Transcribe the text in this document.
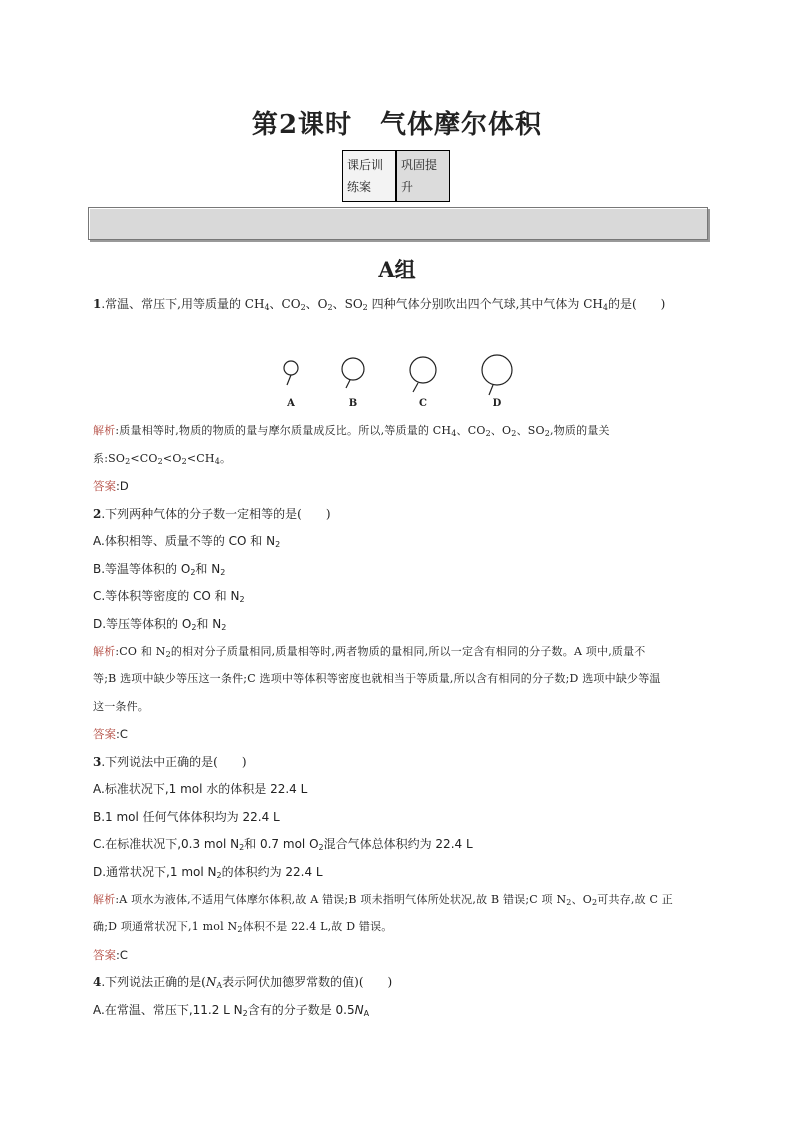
第2课时 气体摩尔体积
课后训练案
巩固提升
A组
1.常温、常压下,用等质量的 $CH_4$、$CO_2$、$O_2$、$SO_2$ 四种气体分别吹出四个气球,其中气体为 $CH_4$的是(　　)
A	B	C	D
解析:质量相等时,物质的物质的量与摩尔质量成反比。所以,等质量的 $CH_4$、$CO_2$、$O_2$、$SO_2$,物质的量关
系$:SO_2<CO_2<O_2<CH_4$。
答案:D
2.下列两种气体的分子数一定相等的是(　　)
A.体积相等、质量不等的 CO 和 $N_2$
B.等温等体积的 $O_2$和 $N_2$
C.等体积等密度的 CO 和 $N_2$
D.等压等体积的 $O_2$和 $N_2$
解析:CO 和 $N_2$的相对分子质量相同,质量相等时,两者物质的量相同,所以一定含有相同的分子数。A 项中,质量不
等;B 选项中缺少等压这一条件;C 选项中等体积等密度也就相当于等质量,所以含有相同的分子数;D 选项中缺少等温
这一条件。
答案:C
3.下列说法中正确的是(　　)
A.标准状况下,1 mol 水的体积是 22.4 L
B.1 mol 任何气体体积均为 22.4 L
C.在标准状况下,0.3 mol $N_2$和 0.7 mol $O_2$混合气体总体积约为 22.4 L
D.通常状况下,1 mol $N_2$的体积约为 22.4 L
解析:A 项水为液体,不适用气体摩尔体积,故 A 错误;B 项未指明气体所处状况,故 B 错误;C 项 $N_2$、$O_2$可共存,故 C 正
确;D 项通常状况下,1 mol $N_2$体积不是 22.4 L,故 D 错误。
答案:C
4.下列说法正确的是($N_A$表示阿伏加德罗常数的值)(　　)
A.在常温、常压下,11.2 L $N_2$含有的分子数是 $0.5N_A$
